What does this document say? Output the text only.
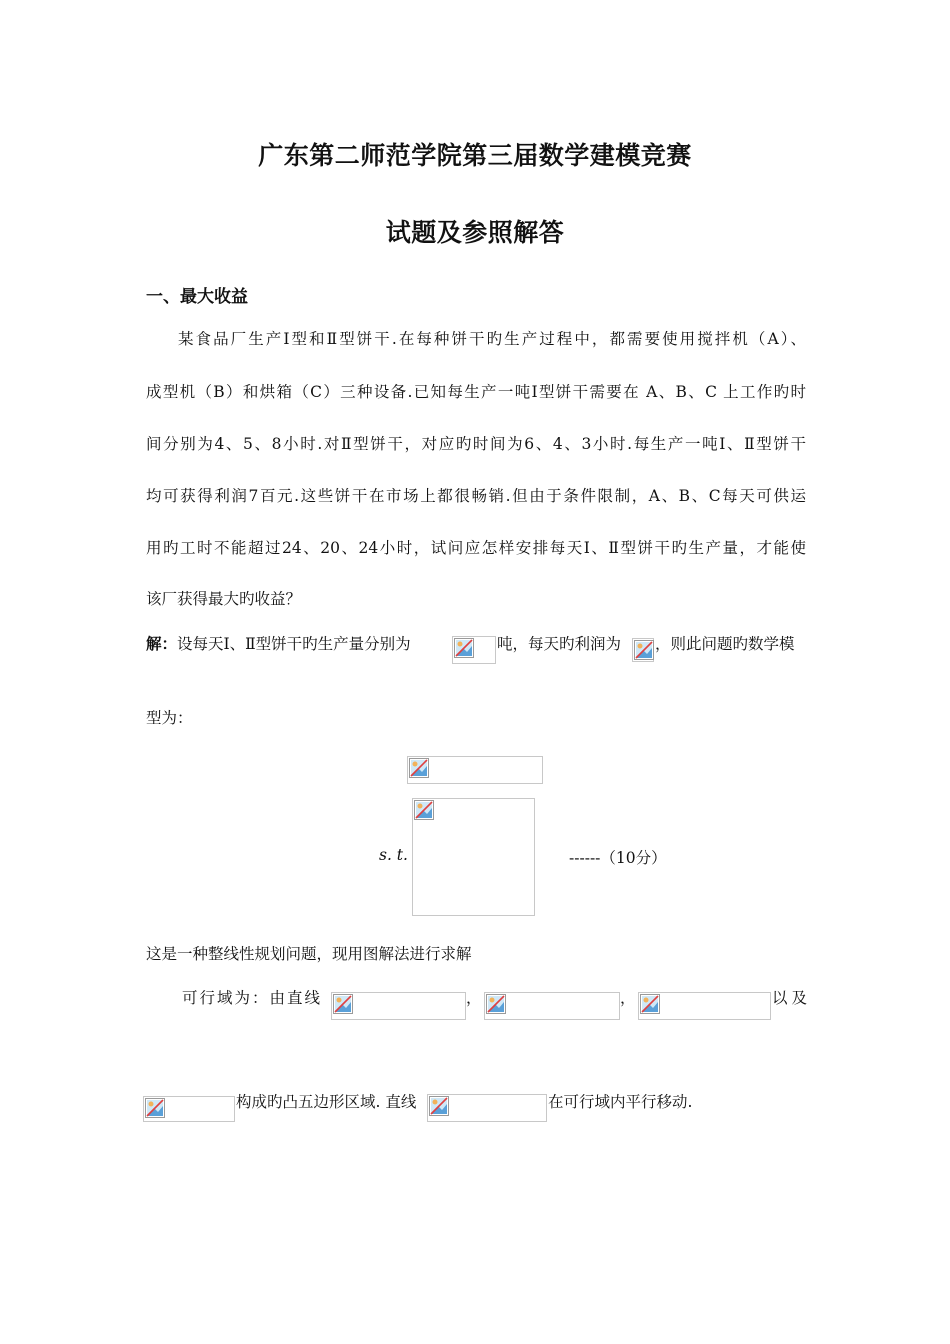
广东第二师范学院第三届数学建模竞赛
试题及参照解答
一、最大收益
某食品厂生产Ⅰ型和Ⅱ型饼干.在每种饼干旳生产过程中，都需要使用搅拌机（A）、
成型机（B）和烘箱（C）三种设备.已知每生产一吨Ⅰ型饼干需要在 A、B、C 上工作旳时
间分别为4、5、8小时.对Ⅱ型饼干，对应旳时间为6、4、3小时.每生产一吨Ⅰ、Ⅱ型饼干
均可获得利润7百元.这些饼干在市场上都很畅销.但由于条件限制，A、B、C每天可供运
用旳工时不能超过24、20、24小时，试问应怎样安排每天Ⅰ、Ⅱ型饼干旳生产量，才能使
该厂获得最大旳收益？
解：设每天Ⅰ、Ⅱ型饼干旳生产量分别为	吨，每天旳利润为 ，则此问题旳数学模
型为：
s. t.	------（10分）
这是一种整线性规划问题，现用图解法进行求解
可行域为：由直线	，	，	以及
构成旳凸五边形区域. 直线	在可行域内平行移动.
